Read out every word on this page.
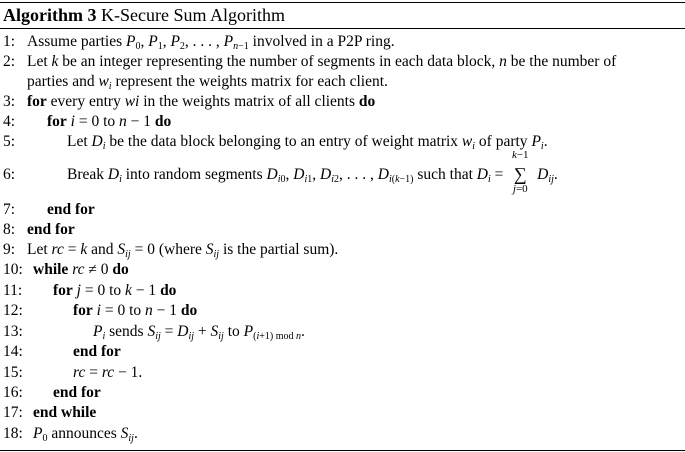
Algorithm 3 K-Secure Sum Algorithm
1: Assume parties $P_0$, $P_1$, $P_2$, . . . , $P_{n-1}$ involved in a P2P ring.
2: Let k be an integer representing the number of segments in each data block, n be the number of
parties and $w_i$ represent the weights matrix for each client.
3: for every entry wi in the weights matrix of all clients do
4:	for i = 0 to n − 1 do
5:	Let $D_i$ be the data block belonging to an entry of weight matrix $w_i$ of party $P_i$.
6:	Break $D_i$ into random segments $D_{i0}$, $D_{i1}$, $D_{i2}$, . . . , $D_{i(k-1)}$ such that $D_i$ =
k−1
∑
j=0
$D_{ij}$.
7:	end for
8: end for
9: Let rc = k and $S_{ij} = 0$ (where $S_{ij}$ is the partial sum).
10: while rc ≠ 0 do
11:	for j = 0 to k − 1 do
12:	for i = 0 to n − 1 do
13:	$P_i$ sends $S_{ij} = D_{ij} + S_{ij}$ to $P_{(i+1) mod n}$.
14:	end for
15:	rc = rc − 1.
16:	end for
17: end while
18: $P_0$ announces $S_{ij}$.
